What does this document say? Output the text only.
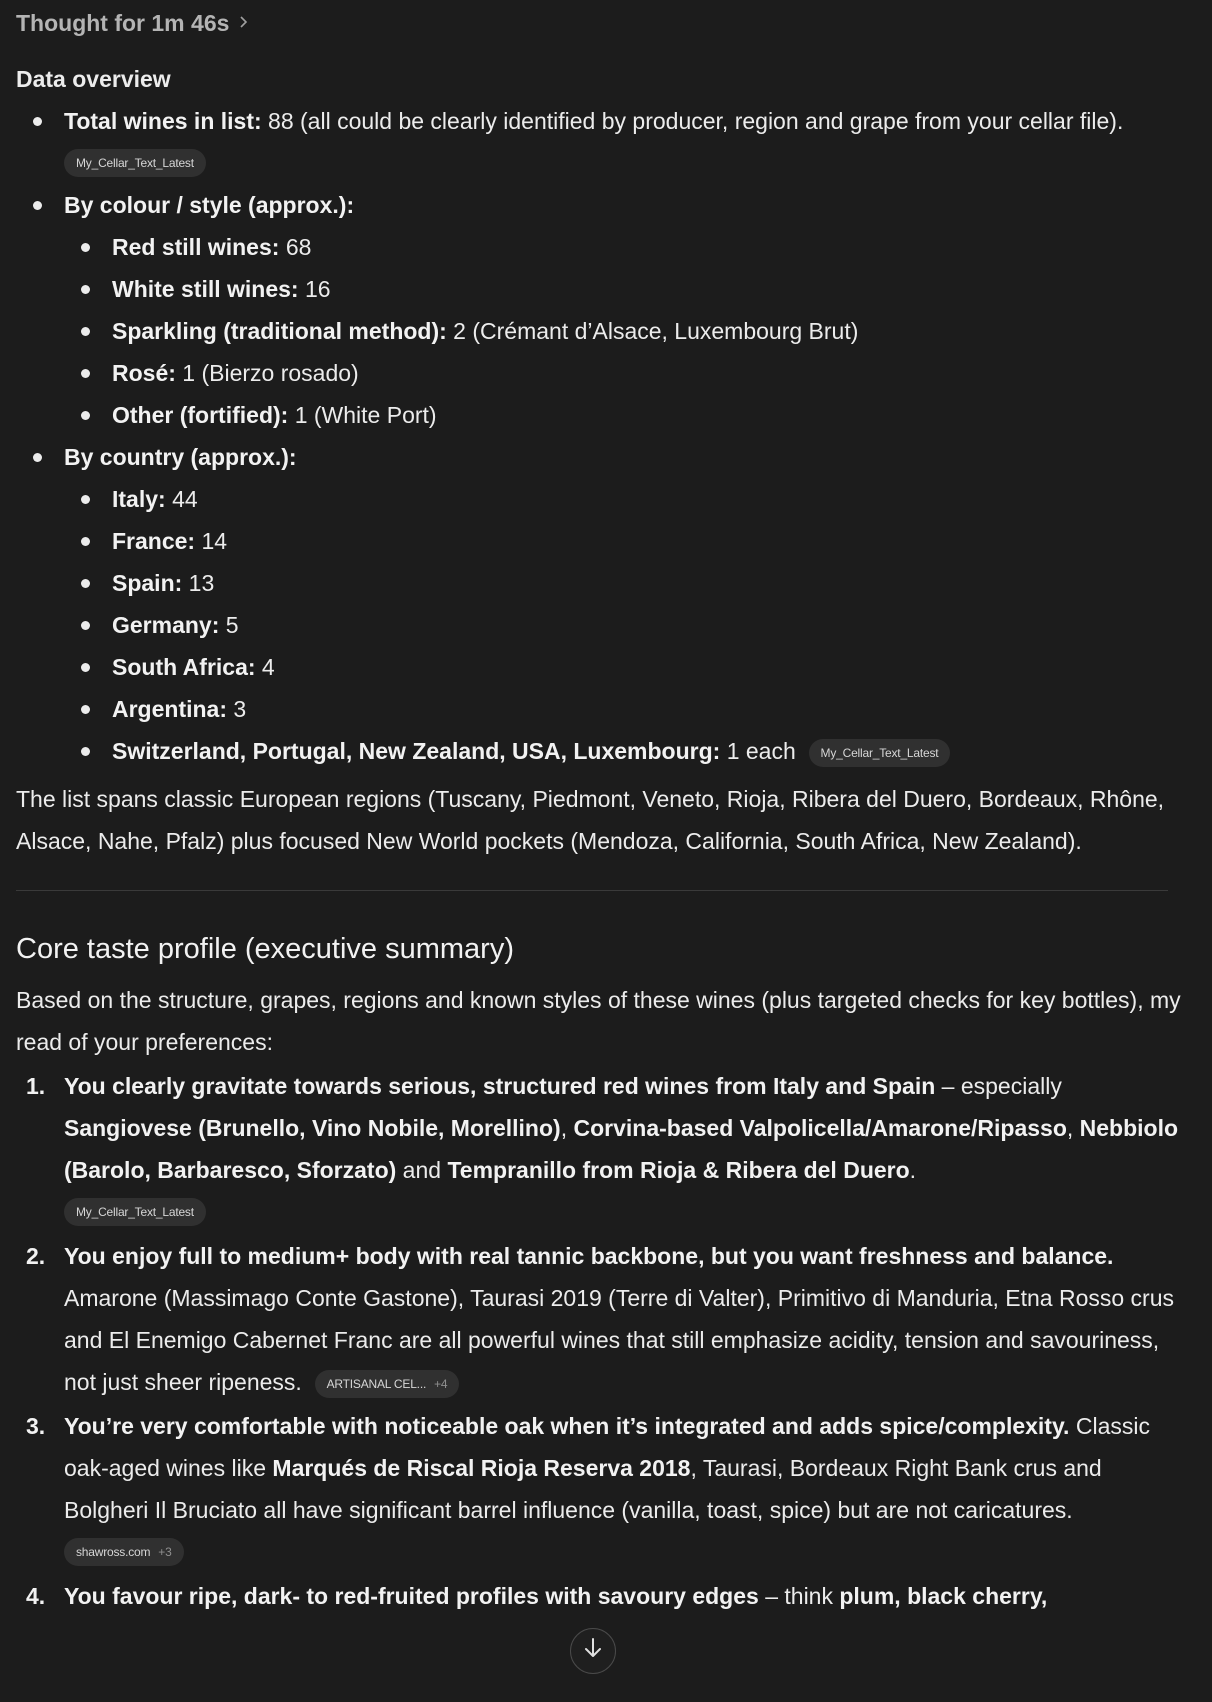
Thought for 1m 46s
Data overview
Total wines in list: 88 (all could be clearly identified by producer, region and grape from your cellar file).
My_Cellar_Text_Latest
By colour / style (approx.):
Red still wines: 68
White still wines: 16
Sparkling (traditional method): 2 (Crémant d’Alsace, Luxembourg Brut)
Rosé: 1 (Bierzo rosado)
Other (fortified): 1 (White Port)
By country (approx.):
Italy: 44
France: 14
Spain: 13
Germany: 5
South Africa: 4
Argentina: 3
Switzerland, Portugal, New Zealand, USA, Luxembourg: 1 each My_Cellar_Text_Latest
The list spans classic European regions (Tuscany, Piedmont, Veneto, Rioja, Ribera del Duero, Bordeaux, Rhône, Alsace, Nahe, Pfalz) plus focused New World pockets (Mendoza, California, South Africa, New Zealand).
Core taste profile (executive summary)
Based on the structure, grapes, regions and known styles of these wines (plus targeted checks for key bottles), my read of your preferences:
1. You clearly gravitate towards serious, structured red wines from Italy and Spain – especially Sangiovese (Brunello, Vino Nobile, Morellino), Corvina-based Valpolicella/Amarone/Ripasso, Nebbiolo (Barolo, Barbaresco, Sforzato) and Tempranillo from Rioja & Ribera del Duero.
My_Cellar_Text_Latest
2. You enjoy full to medium+ body with real tannic backbone, but you want freshness and balance. Amarone (Massimago Conte Gastone), Taurasi 2019 (Terre di Valter), Primitivo di Manduria, Etna Rosso crus and El Enemigo Cabernet Franc are all powerful wines that still emphasize acidity, tension and savouriness, not just sheer ripeness. ARTISANAL CEL... +4
3. You’re very comfortable with noticeable oak when it’s integrated and adds spice/complexity. Classic oak-aged wines like Marqués de Riscal Rioja Reserva 2018, Taurasi, Bordeaux Right Bank crus and Bolgheri Il Bruciato all have significant barrel influence (vanilla, toast, spice) but are not caricatures.
shawross.com +3
4. You favour ripe, dark- to red-fruited profiles with savoury edges – think plum, black cherry,
